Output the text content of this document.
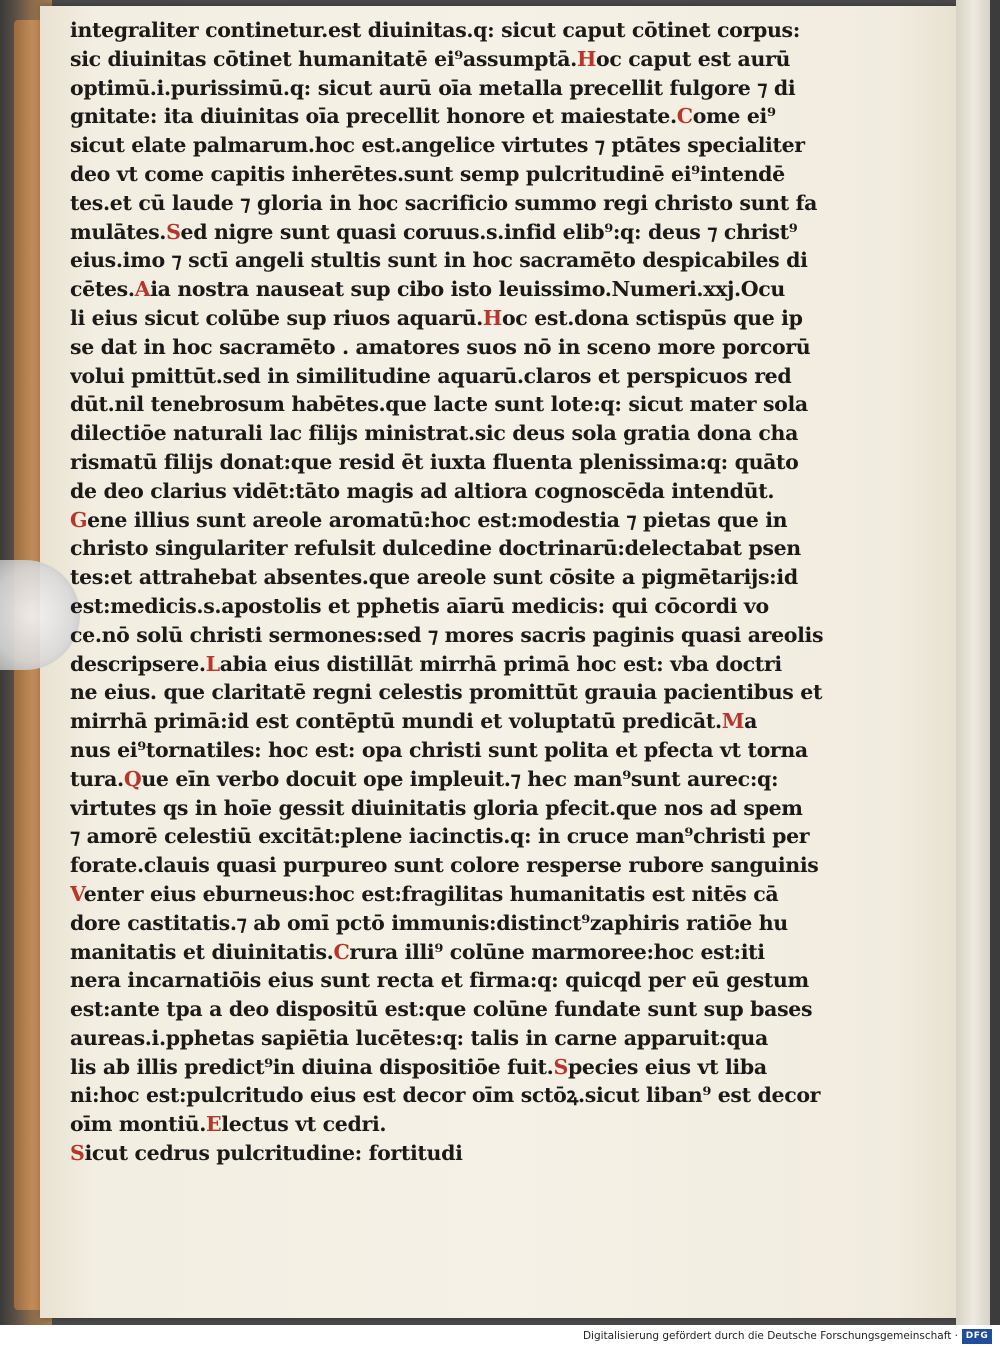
integraliter continetur.est diuinitas.q: sicut caput cōtinet corpus:
sic diuinitas cōtinet humanitatē ei⁹assumptā.Hoc caput est aurū
optimū.i.purissimū.q: sicut aurū oīa metalla precellit fulgore ⁊ di
gnitate: ita diuinitas oīa precellit honore et maiestate.Come ei⁹
sicut elate palmarum.hoc est.angelice virtutes ⁊ ptātes specialiter
deo vt come capitis inherētes.sunt semp pulcritudinē ei⁹intendē
tes.et cū laude ⁊ gloria in hoc sacrificio summo regi christo sunt fa
mulātes.Sed nigre sunt quasi coruus.s.infid elib⁹:q: deus ⁊ christ⁹
eius.imo ⁊ sctī angeli stultis sunt in hoc sacramēto despicabiles di
cētes.Aia nostra nauseat sup cibo isto leuissimo.Numeri.xxj.Ocu
li eius sicut colūbe sup riuos aquarū.Hoc est.dona sctispūs que ip
se dat in hoc sacramēto . amatores suos nō in sceno more porcorū
volui pmittūt.sed in similitudine aquarū.claros et perspicuos red
dūt.nil tenebrosum habētes.que lacte sunt lote:q: sicut mater sola
dilectiōe naturali lac filijs ministrat.sic deus sola gratia dona cha
rismatū filijs donat:que resid ēt iuxta fluenta plenissima:q: quāto
de deo clarius vidēt:tāto magis ad altiora cognoscēda intendūt.
Gene illius sunt areole aromatū:hoc est:modestia ⁊ pietas que in
christo singulariter refulsit dulcedine doctrinarū:delectabat psen
tes:et attrahebat absentes.que areole sunt cōsite a pigmētarijs:id
est:medicis.s.apostolis et pphetis aīarū medicis: qui cōcordi vo
ce.nō solū christi sermones:sed ⁊ mores sacris paginis quasi areolis
descripsere.Labia eius distillāt mirrhā primā hoc est: vba doctri
ne eius. que claritatē regni celestis promittūt grauia pacientibus et
mirrhā primā:id est contēptū mundi et voluptatū predicāt.Ma
nus ei⁹tornatiles: hoc est: opa christi sunt polita et pfecta vt torna
tura.Que eīn verbo docuit ope impleuit.⁊ hec man⁹sunt aurec:q:
virtutes qs in hoīe gessit diuinitatis gloria pfecit.que nos ad spem
⁊ amorē celestiū excitāt:plene iacinctis.q: in cruce man⁹christi per
forate.clauis quasi purpureo sunt colore resperse rubore sanguinis
Venter eius eburneus:hoc est:fragilitas humanitatis est nitēs cā
dore castitatis.⁊ ab omī pctō immunis:distinct⁹zaphiris ratiōe hu
manitatis et diuinitatis.Crura illi⁹ colūne marmoree:hoc est:iti
nera incarnatiōis eius sunt recta et firma:q: quicqd per eū gestum
est:ante tpa a deo dispositū est:que colūne fundate sunt sup bases
aureas.i.pphetas sapiētia lucētes:q: talis in carne apparuit:qua
lis ab illis predict⁹in diuina dispositiōe fuit.Species eius vt liba
ni:hoc est:pulcritudo eius est decor oīm sctōꝝ.sicut liban⁹ est decor
oīm montiū.Electus vt cedri.
Sicut cedrus pulcritudine: fortitudi
Digitalisierung gefördert durch die Deutsche Forschungsgemeinschaft · DFG
